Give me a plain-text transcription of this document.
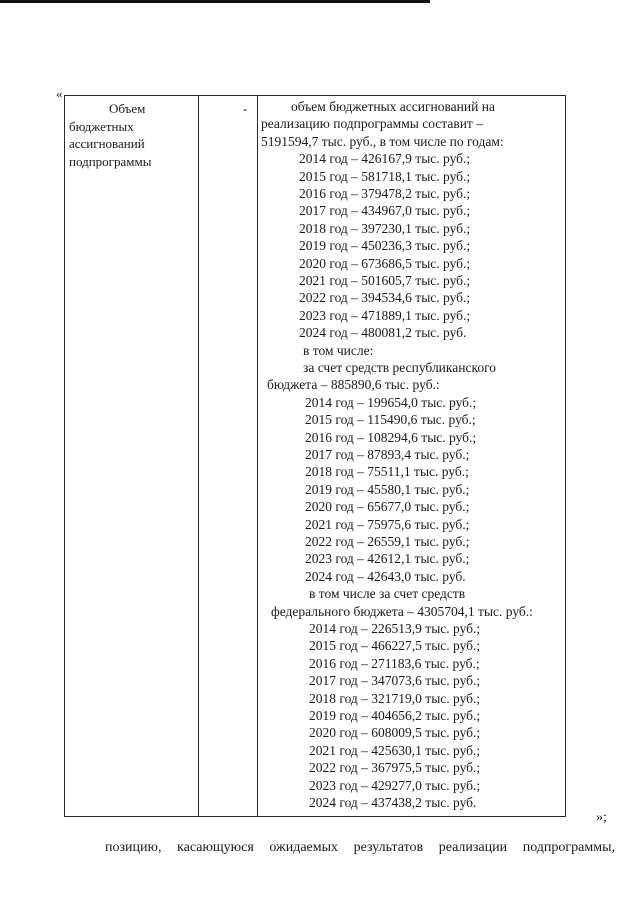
«
Объем
бюджетных
ассигнований
подпрограммы
-	объем бюджетных ассигнований на
реализацию подпрограммы составит –
5191594,7 тыс. руб., в том числе по годам:
2014 год – 426167,9 тыс. руб.;
2015 год – 581718,1 тыс. руб.;
2016 год – 379478,2 тыс. руб.;
2017 год – 434967,0 тыс. руб.;
2018 год – 397230,1 тыс. руб.;
2019 год – 450236,3 тыс. руб.;
2020 год – 673686,5 тыс. руб.;
2021 год – 501605,7 тыс. руб.;
2022 год – 394534,6 тыс. руб.;
2023 год – 471889,1 тыс. руб.;
2024 год – 480081,2 тыс. руб.
в том числе:
за счет средств республиканского
бюджета – 885890,6 тыс. руб.:
2014 год – 199654,0 тыс. руб.;
2015 год – 115490,6 тыс. руб.;
2016 год – 108294,6 тыс. руб.;
2017 год – 87893,4 тыс. руб.;
2018 год – 75511,1 тыс. руб.;
2019 год – 45580,1 тыс. руб.;
2020 год – 65677,0 тыс. руб.;
2021 год – 75975,6 тыс. руб.;
2022 год – 26559,1 тыс. руб.;
2023 год – 42612,1 тыс. руб.;
2024 год – 42643,0 тыс. руб.
в том числе за счет средств
федерального бюджета – 4305704,1 тыс. руб.:
2014 год – 226513,9 тыс. руб.;
2015 год – 466227,5 тыс. руб.;
2016 год – 271183,6 тыс. руб.;
2017 год – 347073,6 тыс. руб.;
2018 год – 321719,0 тыс. руб.;
2019 год – 404656,2 тыс. руб.;
2020 год – 608009,5 тыс. руб.;
2021 год – 425630,1 тыс. руб.;
2022 год – 367975,5 тыс. руб.;
2023 год – 429277,0 тыс. руб.;
2024 год – 437438,2 тыс. руб.
»;
позицию, касающуюся ожидаемых результатов реализации подпрограммы,
